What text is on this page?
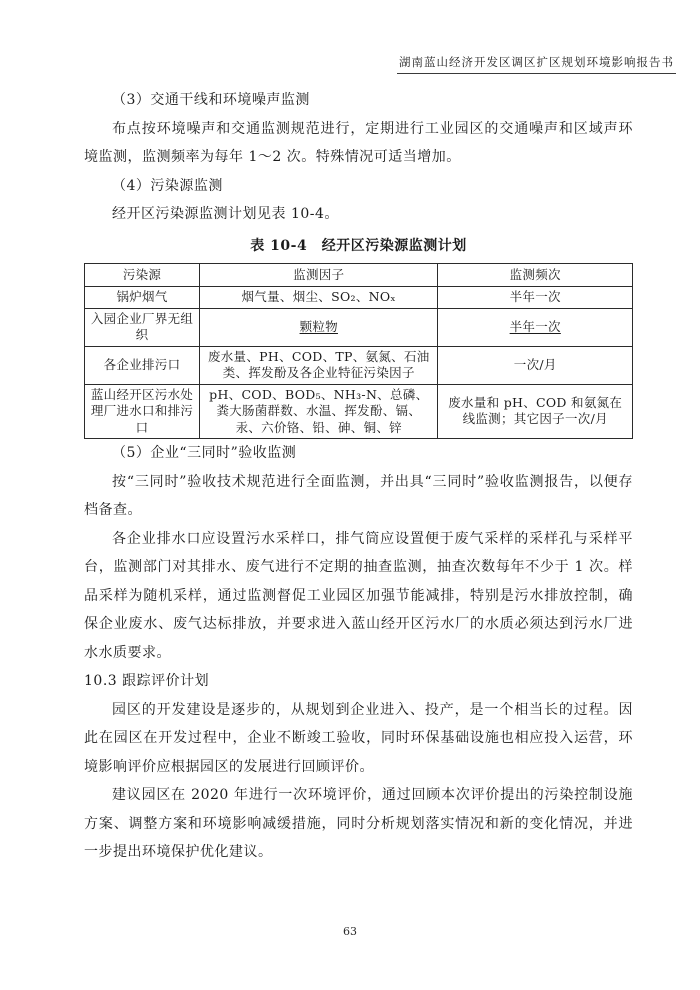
湖南蓝山经济开发区调区扩区规划环境影响报告书

（3）交通干线和环境噪声监测

布点按环境噪声和交通监测规范进行，定期进行工业园区的交通噪声和区域声环境监测，监测频率为每年 1～2 次。特殊情况可适当增加。

（4）污染源监测

经开区污染源监测计划见表 10-4。

表 10-4　经开区污染源监测计划

污染源	监测因子	监测频次
锅炉烟气	烟气量、烟尘、SO₂、NOₓ	半年一次
入园企业厂界无组织	颗粒物	半年一次
各企业排污口	废水量、PH、COD、TP、氨氮、石油类、挥发酚及各企业特征污染因子	一次/月
蓝山经开区污水处理厂进水口和排污口	pH、COD、BOD₅、NH₃-N、总磷、粪大肠菌群数、水温、挥发酚、镉、汞、六价铬、铅、砷、铜、锌	废水量和 pH、COD 和氨氮在线监测；其它因子一次/月

（5）企业“三同时”验收监测

按“三同时”验收技术规范进行全面监测，并出具“三同时”验收监测报告，以便存档备查。

各企业排水口应设置污水采样口，排气筒应设置便于废气采样的采样孔与采样平台，监测部门对其排水、废气进行不定期的抽查监测，抽查次数每年不少于 1 次。样品采样为随机采样，通过监测督促工业园区加强节能减排，特别是污水排放控制，确保企业废水、废气达标排放，并要求进入蓝山经开区污水厂的水质必须达到污水厂进水水质要求。

10.3 跟踪评价计划

园区的开发建设是逐步的，从规划到企业进入、投产，是一个相当长的过程。因此在园区在开发过程中，企业不断竣工验收，同时环保基础设施也相应投入运营，环境影响评价应根据园区的发展进行回顾评价。

建议园区在 2020 年进行一次环境评价，通过回顾本次评价提出的污染控制设施方案、调整方案和环境影响减缓措施，同时分析规划落实情况和新的变化情况，并进一步提出环境保护优化建议。

63
